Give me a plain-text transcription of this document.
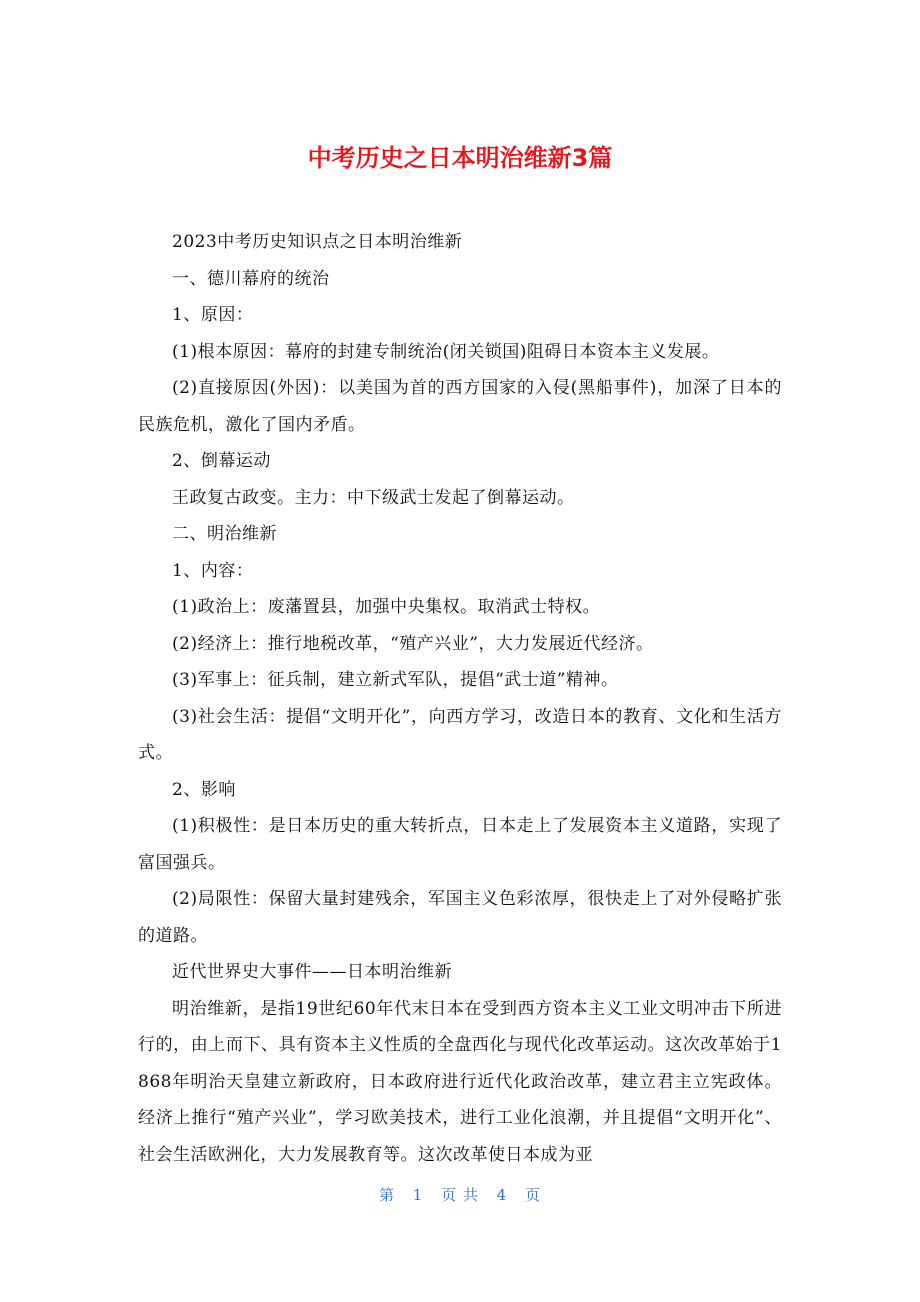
中考历史之日本明治维新3篇

2023中考历史知识点之日本明治维新

一、德川幕府的统治

1、原因：

(1)根本原因：幕府的封建专制统治(闭关锁国)阻碍日本资本主义发展。

(2)直接原因(外因)：以美国为首的西方国家的入侵(黑船事件)，加深了日本的民族危机，激化了国内矛盾。

2、倒幕运动

王政复古政变。主力：中下级武士发起了倒幕运动。

二、明治维新

1、内容：

(1)政治上：废藩置县，加强中央集权。取消武士特权。

(2)经济上：推行地税改革，“殖产兴业”，大力发展近代经济。

(3)军事上：征兵制，建立新式军队，提倡“武士道”精神。

(3)社会生活：提倡“文明开化”，向西方学习，改造日本的教育、文化和生活方式。

2、影响

(1)积极性：是日本历史的重大转折点，日本走上了发展资本主义道路，实现了富国强兵。

(2)局限性：保留大量封建残余，军国主义色彩浓厚，很快走上了对外侵略扩张的道路。

近代世界史大事件——日本明治维新

明治维新，是指19世纪60年代末日本在受到西方资本主义工业文明冲击下所进行的，由上而下、具有资本主义性质的全盘西化与现代化改革运动。这次改革始于1868年明治天皇建立新政府，日本政府进行近代化政治改革，建立君主立宪政体。经济上推行“殖产兴业”，学习欧美技术，进行工业化浪潮，并且提倡“文明开化”、社会生活欧洲化，大力发展教育等。这次改革使日本成为亚

第 1 页 共 4 页
